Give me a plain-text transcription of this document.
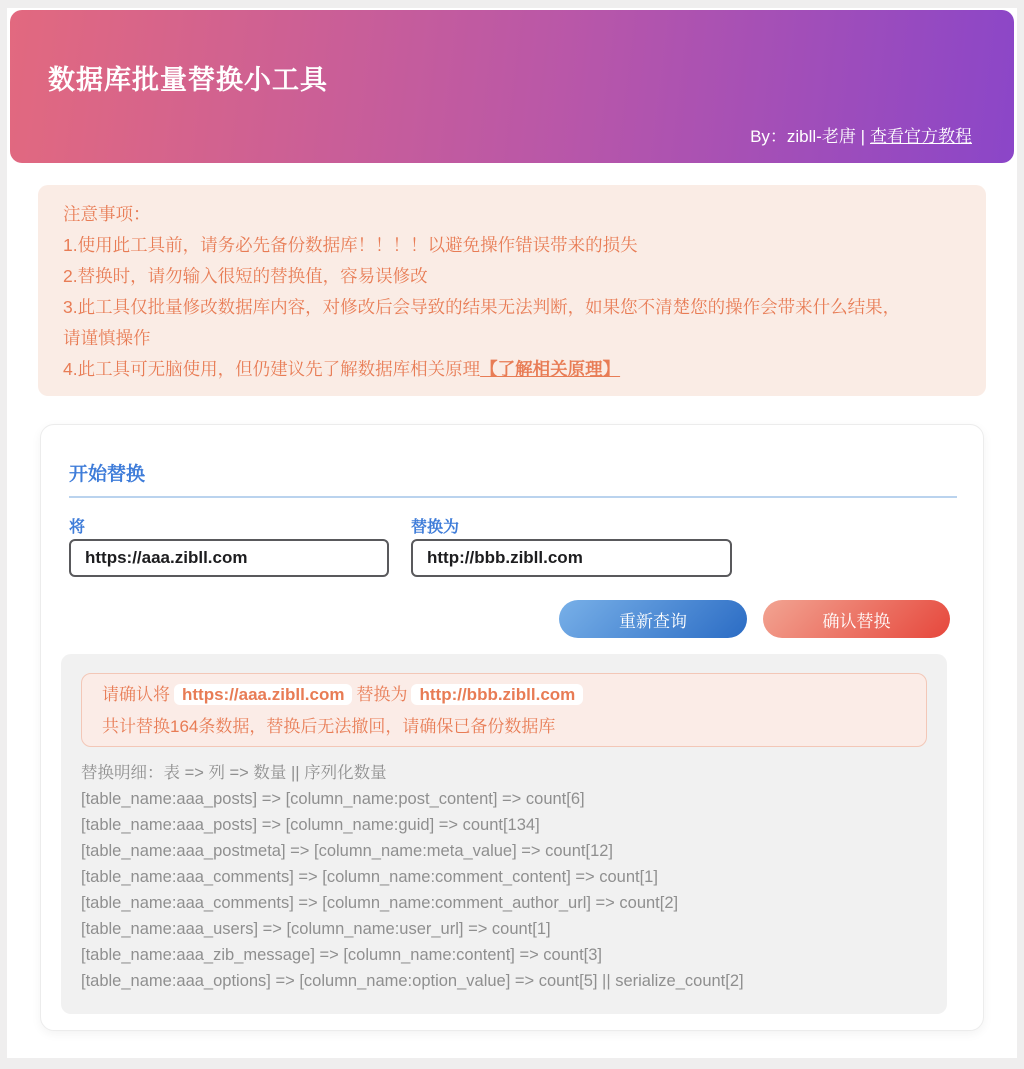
数据库批量替换小工具
By：zibll-老唐 | 查看官方教程
注意事项：
1.使用此工具前，请务必先备份数据库！！！！以避免操作错误带来的损失
2.替换时，请勿输入很短的替换值，容易误修改
3.此工具仅批量修改数据库内容，对修改后会导致的结果无法判断，如果您不清楚您的操作会带来什么结果，
请谨慎操作
4.此工具可无脑使用，但仍建议先了解数据库相关原理【了解相关原理】
开始替换
将	替换为
https://aaa.zibll.com
http://bbb.zibll.com
重新查询	确认替换
请确认将 https://aaa.zibll.com 替换为 http://bbb.zibll.com
共计替换164条数据，替换后无法撤回，请确保已备份数据库
替换明细：表 => 列 => 数量 || 序列化数量
[table_name:aaa_posts] => [column_name:post_content] => count[6]
[table_name:aaa_posts] => [column_name:guid] => count[134]
[table_name:aaa_postmeta] => [column_name:meta_value] => count[12]
[table_name:aaa_comments] => [column_name:comment_content] => count[1]
[table_name:aaa_comments] => [column_name:comment_author_url] => count[2]
[table_name:aaa_users] => [column_name:user_url] => count[1]
[table_name:aaa_zib_message] => [column_name:content] => count[3]
[table_name:aaa_options] => [column_name:option_value] => count[5] || serialize_count[2]
